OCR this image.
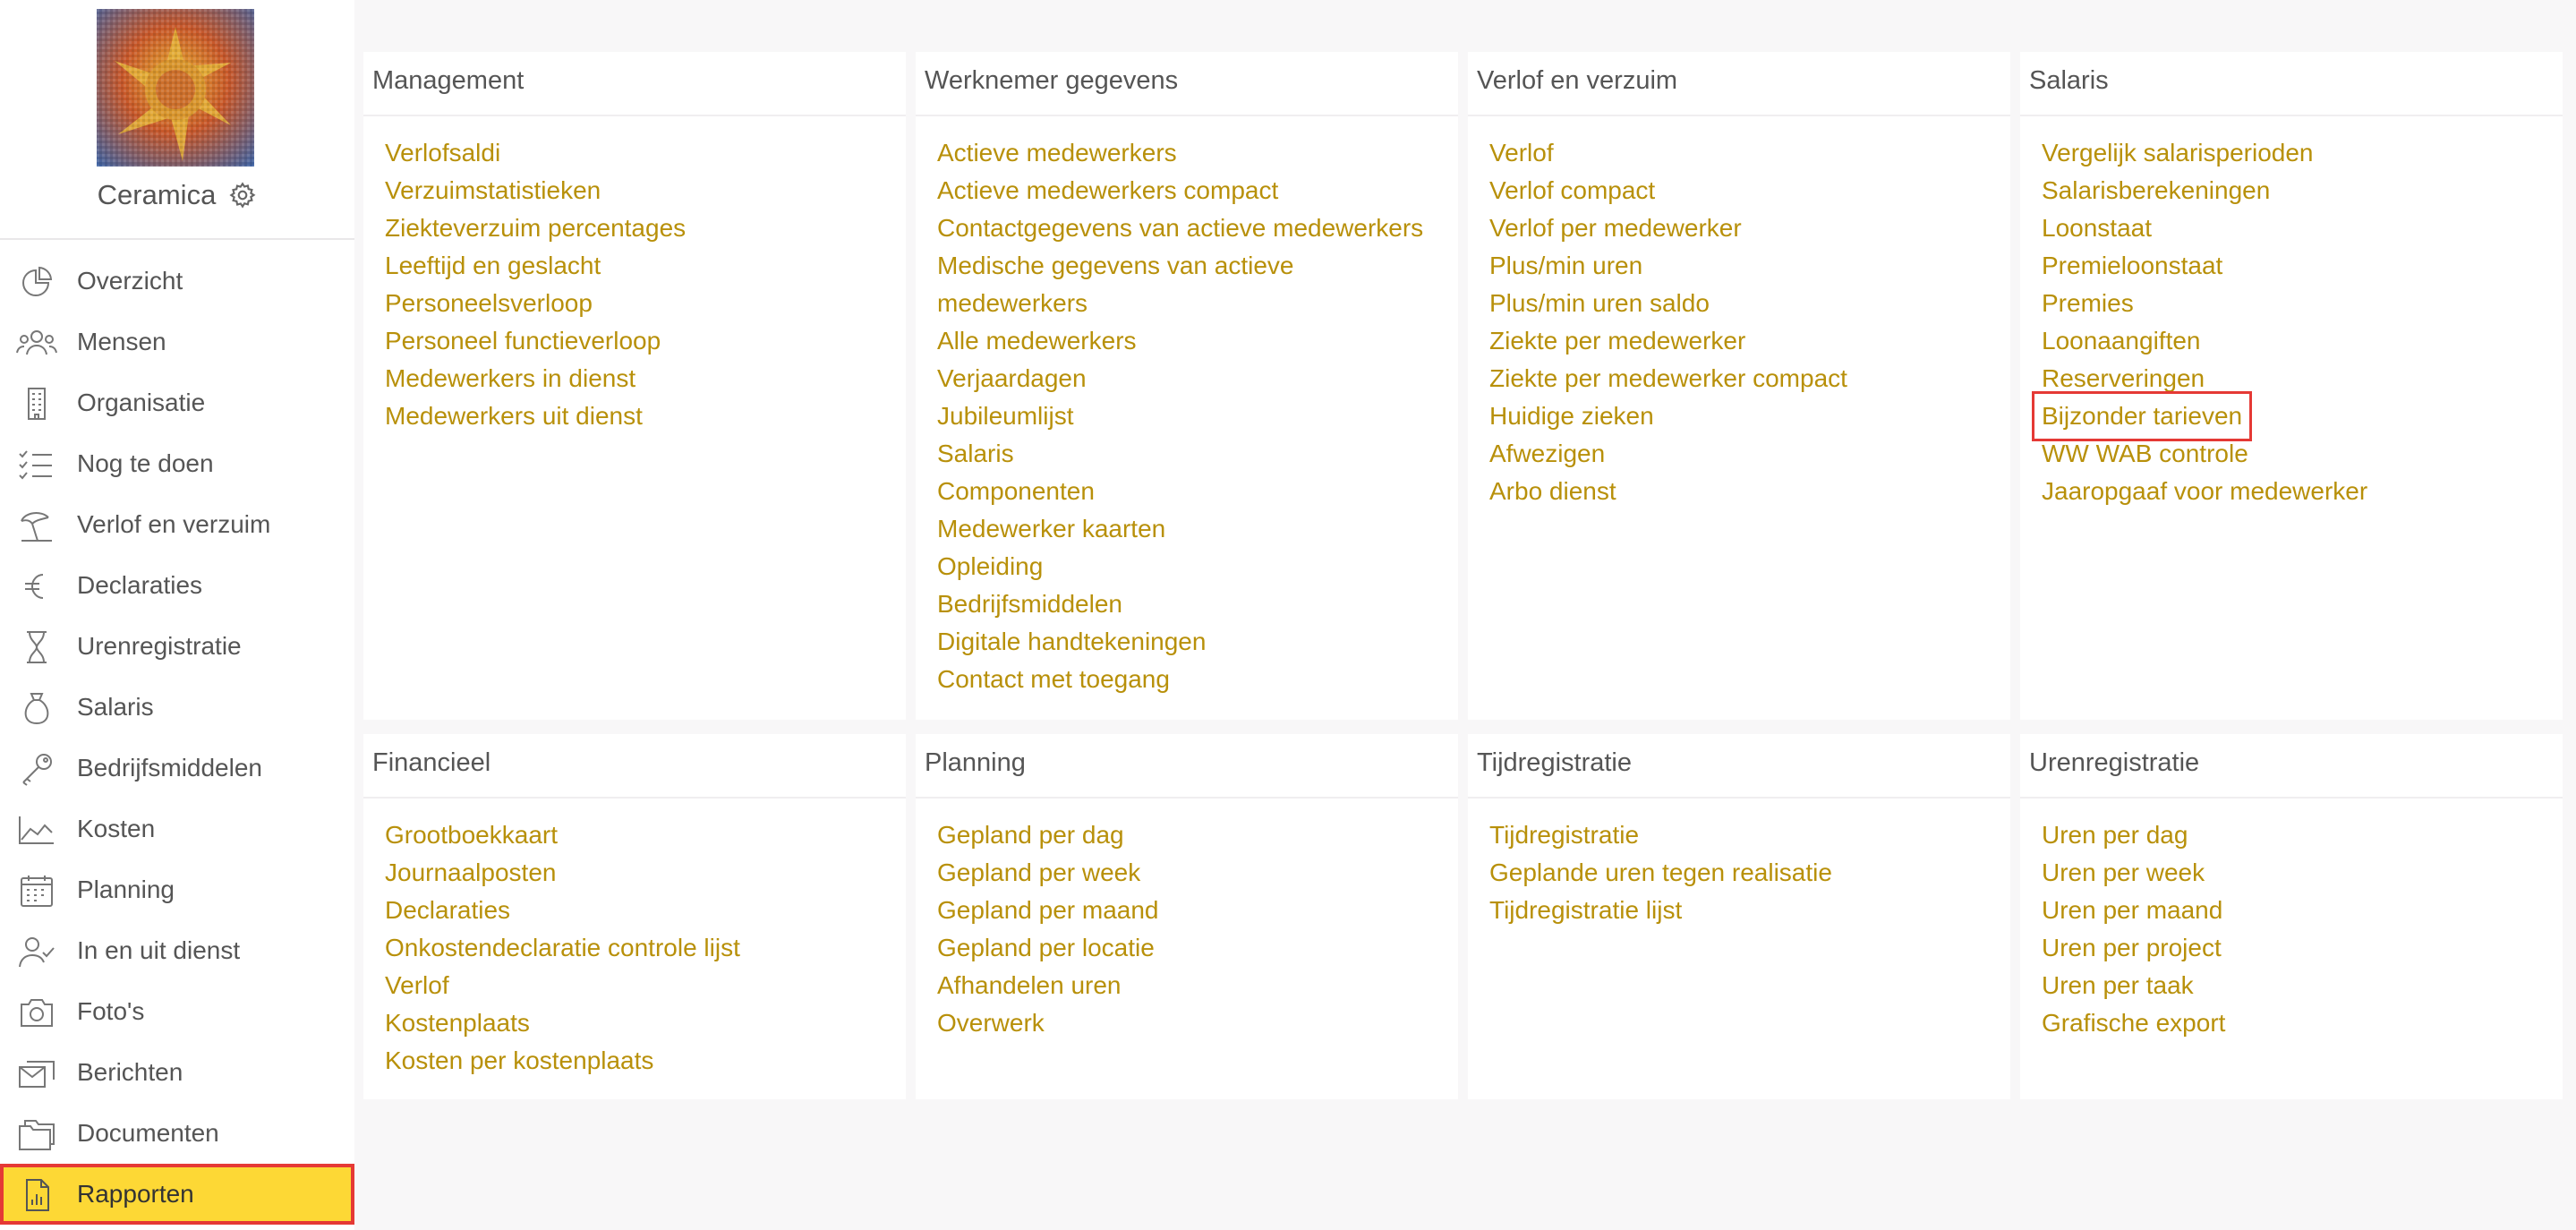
Ceramica
Overzicht
Mensen
Organisatie
Nog te doen
Verlof en verzuim
Declaraties
Urenregistratie
Salaris
Bedrijfsmiddelen
Kosten
Planning
In en uit dienst
Foto's
Berichten
Documenten
Rapporten
Management
Verlofsaldi
Verzuimstatistieken
Ziekteverzuim percentages
Leeftijd en geslacht
Personeelsverloop
Personeel functieverloop
Medewerkers in dienst
Medewerkers uit dienst
Werknemer gegevens
Actieve medewerkers
Actieve medewerkers compact
Contactgegevens van actieve medewerkers
Medische gegevens van actieve
medewerkers
Alle medewerkers
Verjaardagen
Jubileumlijst
Salaris
Componenten
Medewerker kaarten
Opleiding
Bedrijfsmiddelen
Digitale handtekeningen
Contact met toegang
Verlof en verzuim
Verlof
Verlof compact
Verlof per medewerker
Plus/min uren
Plus/min uren saldo
Ziekte per medewerker
Ziekte per medewerker compact
Huidige zieken
Afwezigen
Arbo dienst
Salaris
Vergelijk salarisperioden
Salarisberekeningen
Loonstaat
Premieloonstaat
Premies
Loonaangiften
Reserveringen
Bijzonder tarieven
WW WAB controle
Jaaropgaaf voor medewerker
Financieel
Grootboekkaart
Journaalposten
Declaraties
Onkostendeclaratie controle lijst
Verlof
Kostenplaats
Kosten per kostenplaats
Planning
Gepland per dag
Gepland per week
Gepland per maand
Gepland per locatie
Afhandelen uren
Overwerk
Tijdregistratie
Tijdregistratie
Geplande uren tegen realisatie
Tijdregistratie lijst
Urenregistratie
Uren per dag
Uren per week
Uren per maand
Uren per project
Uren per taak
Grafische export
